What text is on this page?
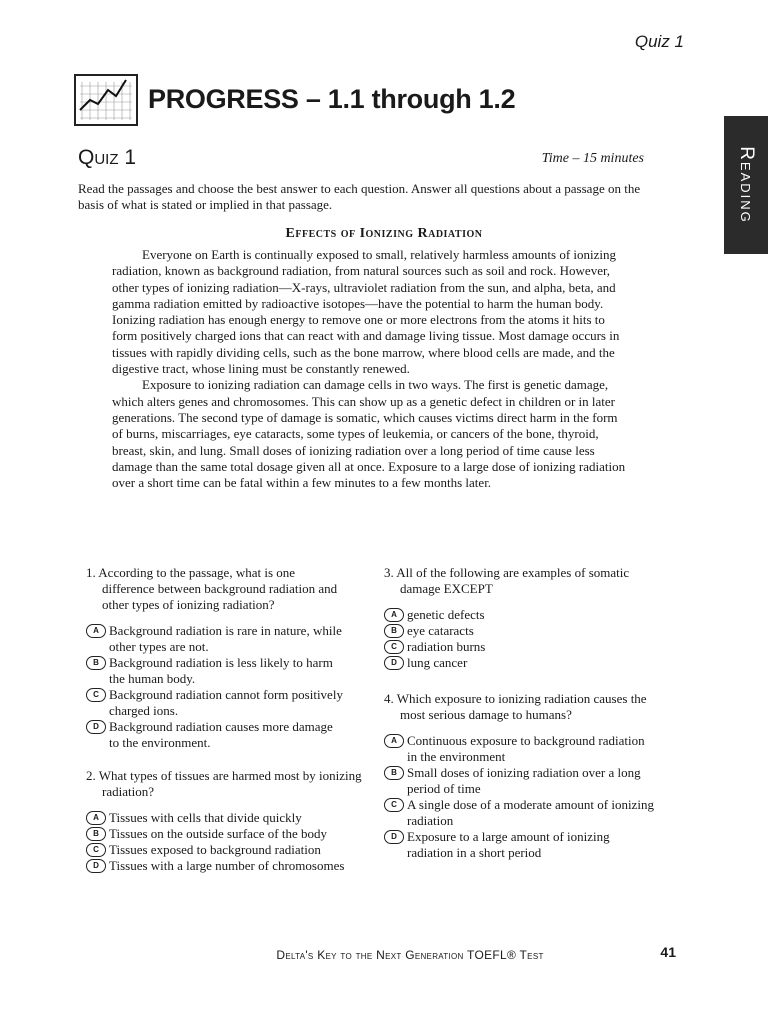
Quiz 1
PROGRESS – 1.1 through 1.2
Reading
Quiz 1	Time – 15 minutes
Read the passages and choose the best answer to each question. Answer all questions about a passage on the basis of what is stated or implied in that passage.
Effects of Ionizing Radiation

Everyone on Earth is continually exposed to small, relatively harmless amounts of ionizing radiation, known as background radiation, from natural sources such as soil and rock. However, other types of ionizing radiation—X-rays, ultraviolet radiation from the sun, and alpha, beta, and gamma radiation emitted by radioactive isotopes—have the potential to harm the human body. Ionizing radiation has enough energy to remove one or more electrons from the atoms it hits to form positively charged ions that can react with and damage living tissue. Most damage occurs in tissues with rapidly dividing cells, such as the bone marrow, where blood cells are made, and the digestive tract, whose lining must be constantly renewed.

Exposure to ionizing radiation can damage cells in two ways. The first is genetic damage, which alters genes and chromosomes. This can show up as a genetic defect in children or in later generations. The second type of damage is somatic, which causes victims direct harm in the form of burns, miscarriages, eye cataracts, some types of leukemia, or cancers of the bone, thyroid, breast, skin, and lung. Small doses of ionizing radiation over a long period of time cause less damage than the same total dosage given all at once. Exposure to a large dose of ionizing radiation over a short time can be fatal within a few minutes to a few months later.

1. According to the passage, what is one difference between background radiation and other types of ionizing radiation?

A Background radiation is rare in nature, while other types are not.
B Background radiation is less likely to harm the human body.
C Background radiation cannot form positively charged ions.
D Background radiation causes more damage to the environment.

2. What types of tissues are harmed most by ionizing radiation?

A Tissues with cells that divide quickly
B Tissues on the outside surface of the body
C Tissues exposed to background radiation
D Tissues with a large number of chromosomes

3. All of the following are examples of somatic damage EXCEPT

A genetic defects
B eye cataracts
C radiation burns
D lung cancer

4. Which exposure to ionizing radiation causes the most serious damage to humans?

A Continuous exposure to background radiation in the environment
B Small doses of ionizing radiation over a long period of time
C A single dose of a moderate amount of ionizing radiation
D Exposure to a large amount of ionizing radiation in a short period
Delta's Key to the Next Generation TOEFL® Test	41
